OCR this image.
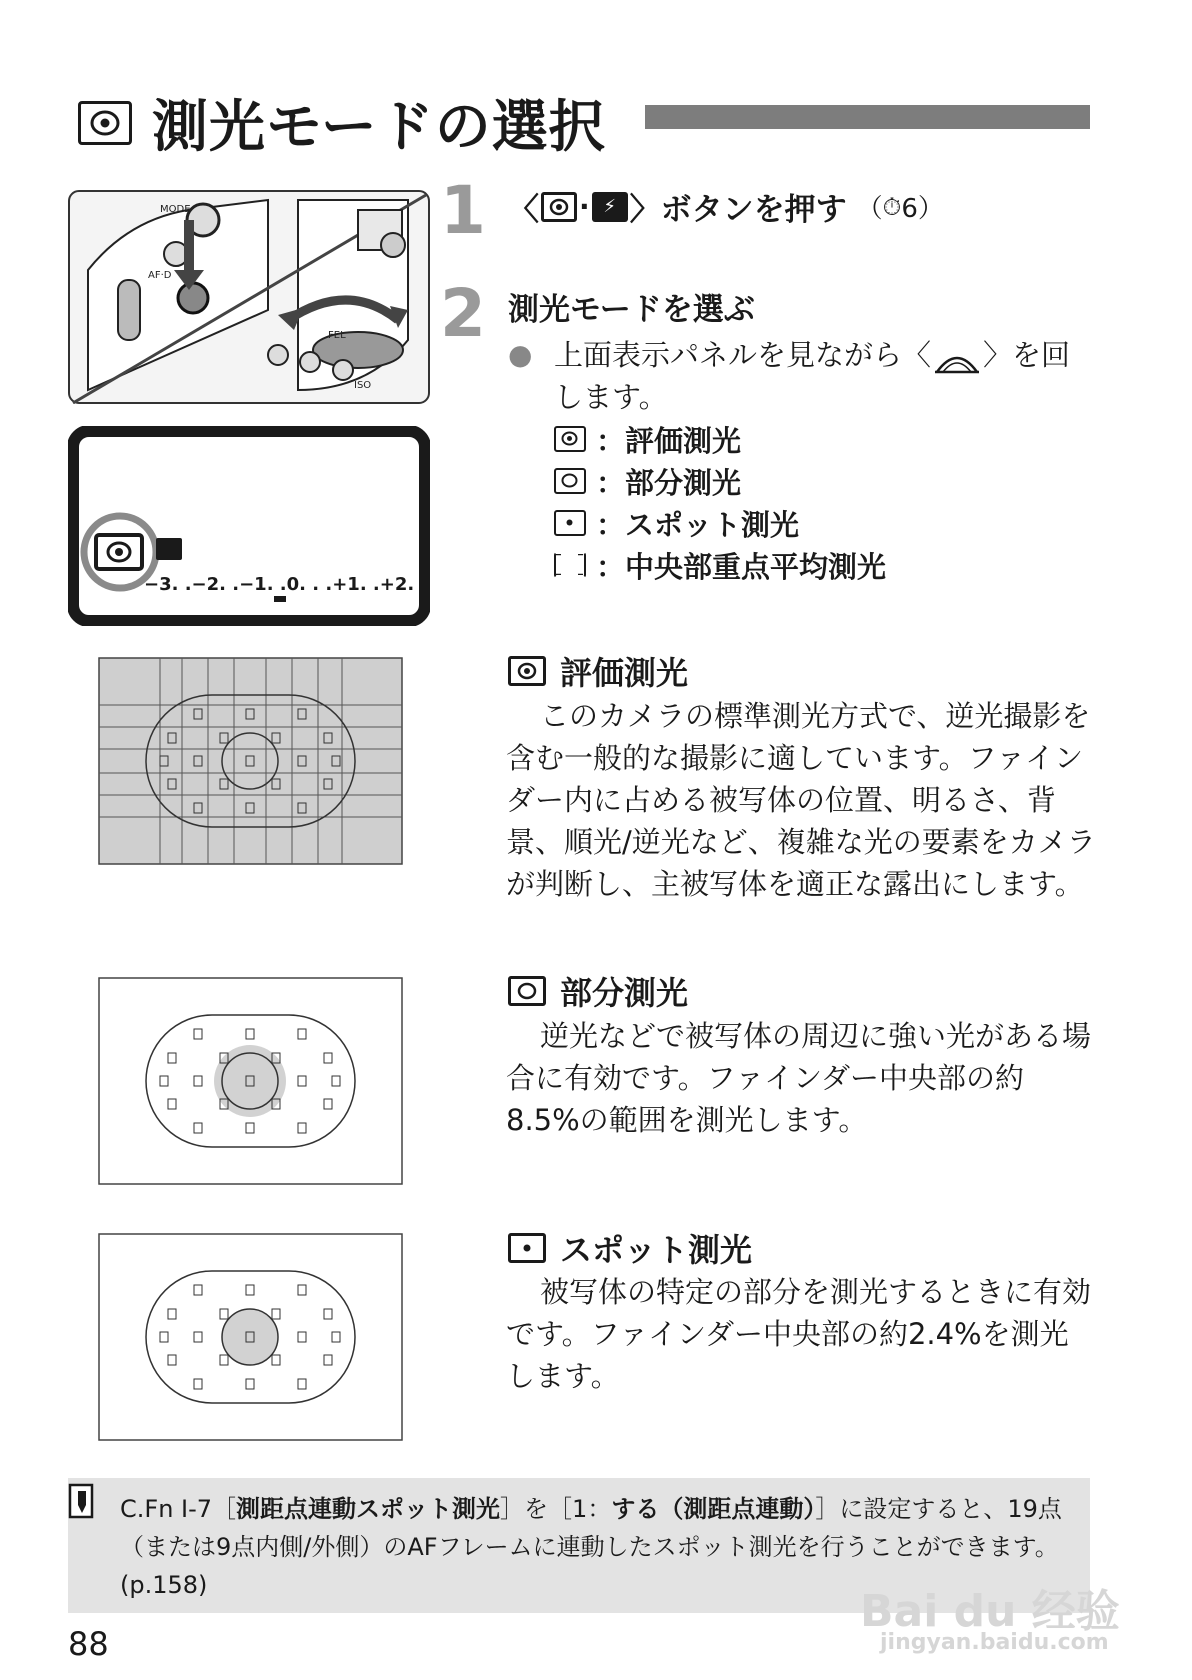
測光モードの選択
MODE
AF·D
FEL
ISO
−3. .−2. .−1. .0. . .+1. .+2. .+3
1 〈 · ⚡ 〉ボタンを押す （ ⏱ 6）
2 測光モードを選ぶ
● 上面表示パネルを見ながら〈 〉を回
します。
：評価測光
：部分測光
：スポット測光
：中央部重点平均測光
評価測光
このカメラの標準測光方式で、逆光撮影を含む一般的な撮影に適しています。ファインダー内に占める被写体の位置、明るさ、背景、順光/逆光など、複雑な光の要素をカメラが判断し、主被写体を適正な露出にします。
部分測光
逆光などで被写体の周辺に強い光がある場合に有効です。ファインダー中央部の約8.5%の範囲を測光します。
スポット測光
被写体の特定の部分を測光するときに有効です。ファインダー中央部の約2.4%を測光します。
C.Fn Ⅰ-7［測距点連動スポット測光］を［1：する（測距点連動）］に設定すると、19点（または9点内側/外側）のAFフレームに連動したスポット測光を行うことができます。(p.158)
88
Bai du 经验
jingyan.baidu.com
